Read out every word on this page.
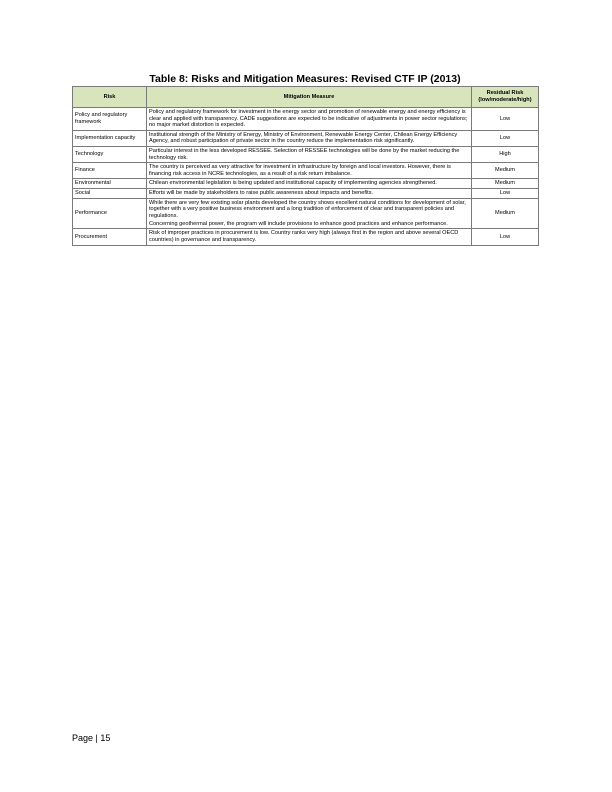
Table 8: Risks and Mitigation Measures: Revised CTF IP (2013)
Risk	Mitigation Measure	Residual Risk (low/moderate/high)
Policy and regulatory framework	Policy and regulatory framework for investment in the energy sector and promotion of renewable energy and energy efficiency is clear and applied with transparency. CADE suggestions are expected to be indicative of adjustments in power sector regulations; no major market distortion is expected.	Low
Implementation capacity	Institutional strength of the Ministry of Energy, Ministry of Environment, Renewable Energy Center, Chilean Energy Efficiency Agency, and robust participation of private sector in the country reduce the implementation risk significantly.	Low
Technology	Particular interest in the less developed RESSEE. Selection of RESSEE technologies will be done by the market reducing the technology risk.	High
Finance	The country is perceived as very attractive for investment in infrastructure by foreign and local investors. However, there is financing risk access in NCRE technologies, as a result of a risk return imbalance.	Medium
Environmental	Chilean environmental legislation is being updated and institutional capacity of implementing agencies strengthened.	Medium
Social	Efforts will be made by stakeholders to raise public awareness about impacts and benefits.	Low
Performance	While there are very few existing solar plants developed the country shows excellent natural conditions for development of solar, together with a very positive business environment and a long tradition of enforcement of clear and transparent policies and regulations.

Concerning geothermal power, the program will include provisions to enhance good practices and enhance performance.	Medium
Procurement	Risk of improper practices in procurement is low. Country ranks very high (always first in the region and above several OECD countries) in governance and transparency.	Low
Page | 15
